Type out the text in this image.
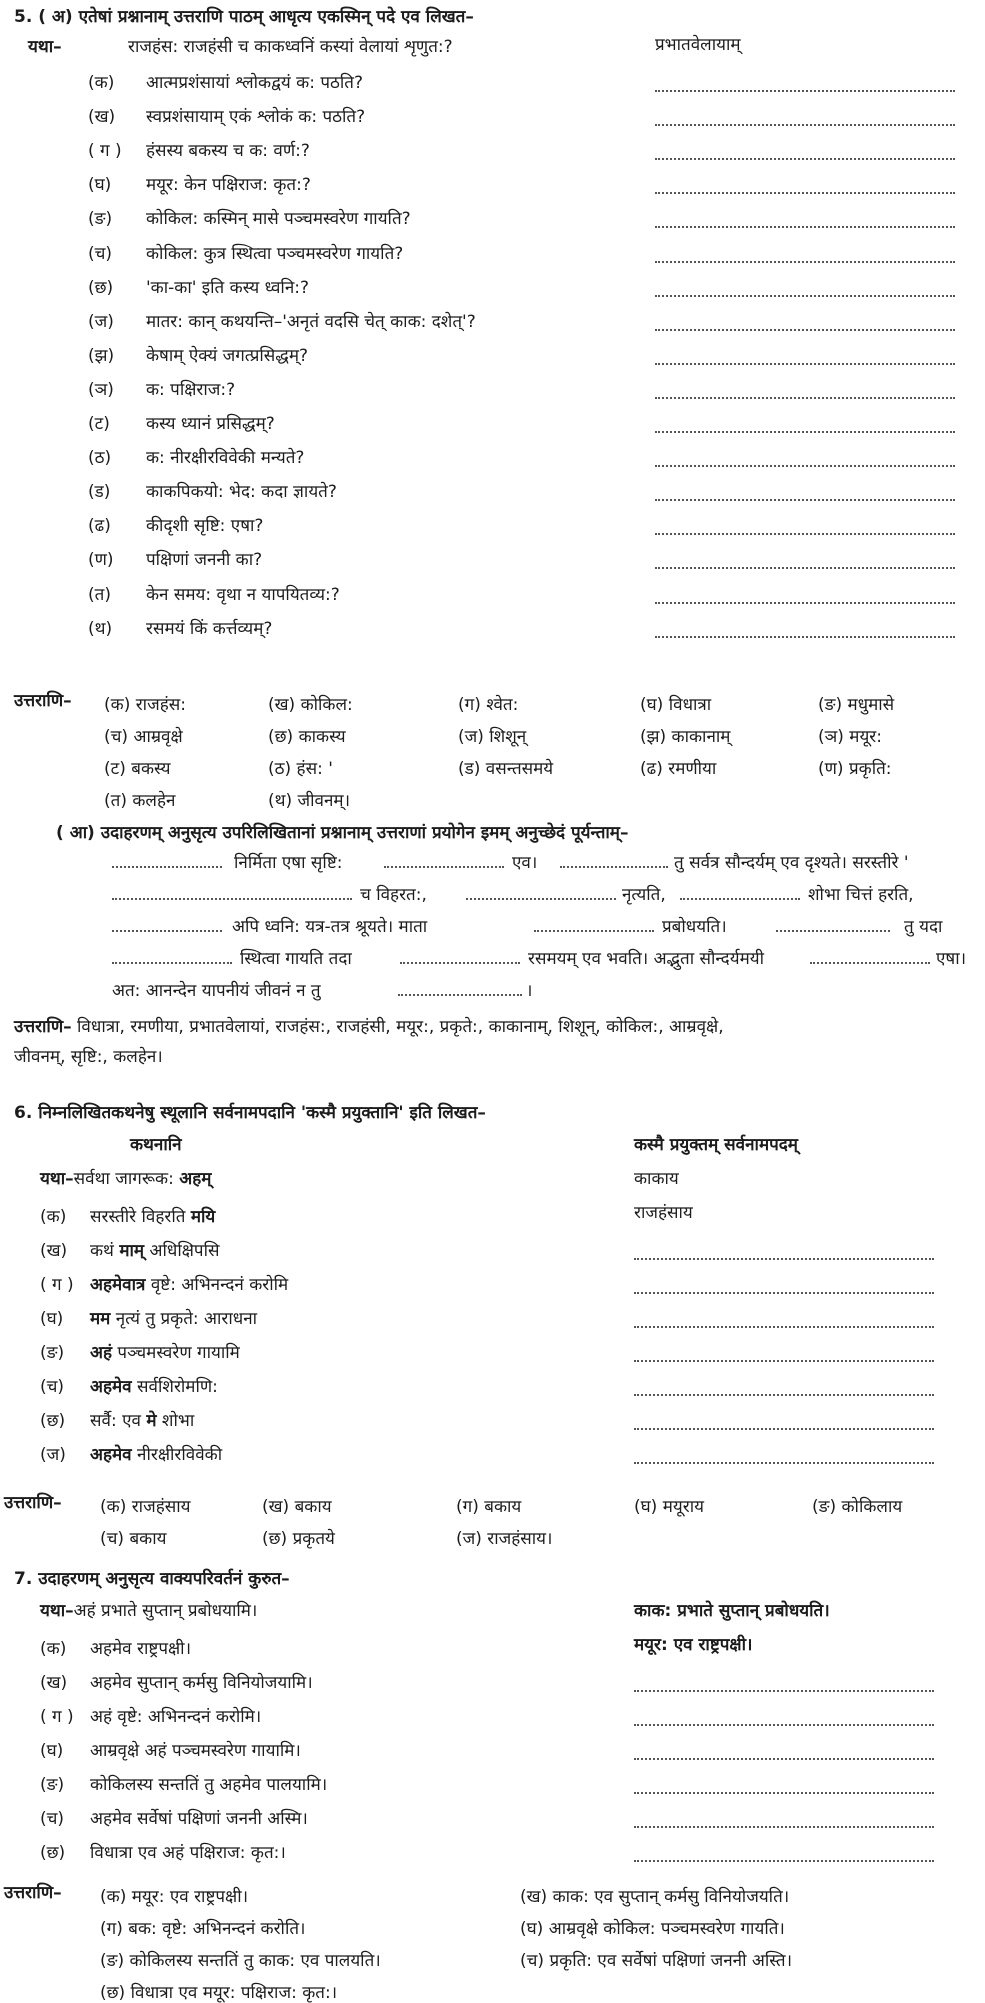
5. ( अ) एतेषां प्रश्नानाम् उत्तराणि पाठम् आधृत्य एकस्मिन् पदे एव लिखत–
यथा–	राजहंस: राजहंसी च काकध्वनिं कस्यां वेलायां शृणुत:?	प्रभातवेलायाम्
(क) आत्मप्रशंसायां श्लोकद्वयं क: पठति?
(ख) स्वप्रशंसायाम् एकं श्लोकं क: पठति?
( ग ) हंसस्य बकस्य च क: वर्ण:?
(घ) मयूर: केन पक्षिराज: कृत:?
(ङ) कोकिल: कस्मिन् मासे पञ्चमस्वरेण गायति?
(च) कोकिल: कुत्र स्थित्वा पञ्चमस्वरेण गायति?
(छ) 'का-का' इति कस्य ध्वनि:?
(ज) मातर: कान् कथयन्ति–'अनृतं वदसि चेत् काक: दशेत्'?
(झ) केषाम् ऐक्यं जगत्प्रसिद्धम्?
(ञ) क: पक्षिराज:?
(ट) कस्य ध्यानं प्रसिद्धम्?
(ठ) क: नीरक्षीरविवेकी मन्यते?
(ड) काकपिकयो: भेद: कदा ज्ञायते?
(ढ) कीदृशी सृष्टि: एषा?
(ण) पक्षिणां जननी का?
(त) केन समय: वृथा न यापयितव्य:?
(थ) रसमयं किं कर्त्तव्यम्?
उत्तराणि– (क) राजहंस:	(ख) कोकिल:	(ग) श्वेत:	(घ) विधात्रा	(ङ) मधुमासे
(च) आम्रवृक्षे	(छ) काकस्य	(ज) शिशून्	(झ) काकानाम्	(ञ) मयूर:
(ट) बकस्य	(ठ) हंस: '	(ड) वसन्तसमये	(ढ) रमणीया	(ण) प्रकृति:
(त) कलहेन	(थ) जीवनम्।
( आ) उदाहरणम् अनुसृत्य उपरिलिखितानां प्रश्नानाम् उत्तराणां प्रयोगेन इमम् अनुच्छेदं पूर्यन्ताम्–
निर्मिता एषा सृष्टि:	एव।	तु सर्वत्र सौन्दर्यम् एव दृश्यते। सरस्तीरे '
च विहरत:,	नृत्यति,	शोभा चित्तं हरति,
अपि ध्वनि: यत्र-तत्र श्रूयते। माता	प्रबोधयति।	तु यदा
स्थित्वा गायति तदा	रसमयम् एव भवति। अद्भुता सौन्दर्यमयी	एषा।
अत: आनन्देन यापनीयं जीवनं न तु	।
उत्तराणि– विधात्रा, रमणीया, प्रभातवेलायां, राजहंस:, राजहंसी, मयूर:, प्रकृते:, काकानाम्, शिशून्, कोकिल:, आम्रवृक्षे,
जीवनम्, सृष्टि:, कलहेन।
6. निम्नलिखितकथनेषु स्थूलानि सर्वनामपदानि 'कस्मै प्रयुक्तानि' इति लिखत–
कथनानि	कस्मै प्रयुक्तम् सर्वनामपदम्
यथा–सर्वथा जागरूक: अहम्	काकाय
(क) सरस्तीरे विहरति मयि	राजहंसाय
(ख) कथं माम् अधिक्षिपसि
( ग ) अहमेवात्र वृष्टे: अभिनन्दनं करोमि
(घ) मम नृत्यं तु प्रकृते: आराधना
(ङ) अहं पञ्चमस्वरेण गायामि
(च) अहमेव सर्वशिरोमणि:
(छ) सर्वै: एव मे शोभा
(ज) अहमेव नीरक्षीरविवेकी
उत्तराणि– (क) राजहंसाय	(ख) बकाय	(ग) बकाय	(घ) मयूराय	(ङ) कोकिलाय
(च) बकाय	(छ) प्रकृतये	(ज) राजहंसाय।
7. उदाहरणम् अनुसृत्य वाक्यपरिवर्तनं कुरुत–
यथा–अहं प्रभाते सुप्तान् प्रबोधयामि।	काक: प्रभाते सुप्तान् प्रबोधयति।
(क) अहमेव राष्ट्रपक्षी।	मयूर: एव राष्ट्रपक्षी।
(ख) अहमेव सुप्तान् कर्मसु विनियोजयामि।
( ग ) अहं वृष्टे: अभिनन्दनं करोमि।
(घ) आम्रवृक्षे अहं पञ्चमस्वरेण गायामि।
(ङ) कोकिलस्य सन्ततिं तु अहमेव पालयामि।
(च) अहमेव सर्वेषां पक्षिणां जननी अस्मि।
(छ) विधात्रा एव अहं पक्षिराज: कृत:।
उत्तराणि– (क) मयूर: एव राष्ट्रपक्षी।	(ख) काक: एव सुप्तान् कर्मसु विनियोजयति।
(ग) बक: वृष्टे: अभिनन्दनं करोति।	(घ) आम्रवृक्षे कोकिल: पञ्चमस्वरेण गायति।
(ङ) कोकिलस्य सन्ततिं तु काक: एव पालयति।	(च) प्रकृति: एव सर्वेषां पक्षिणां जननी अस्ति।
(छ) विधात्रा एव मयूर: पक्षिराज: कृत:।
